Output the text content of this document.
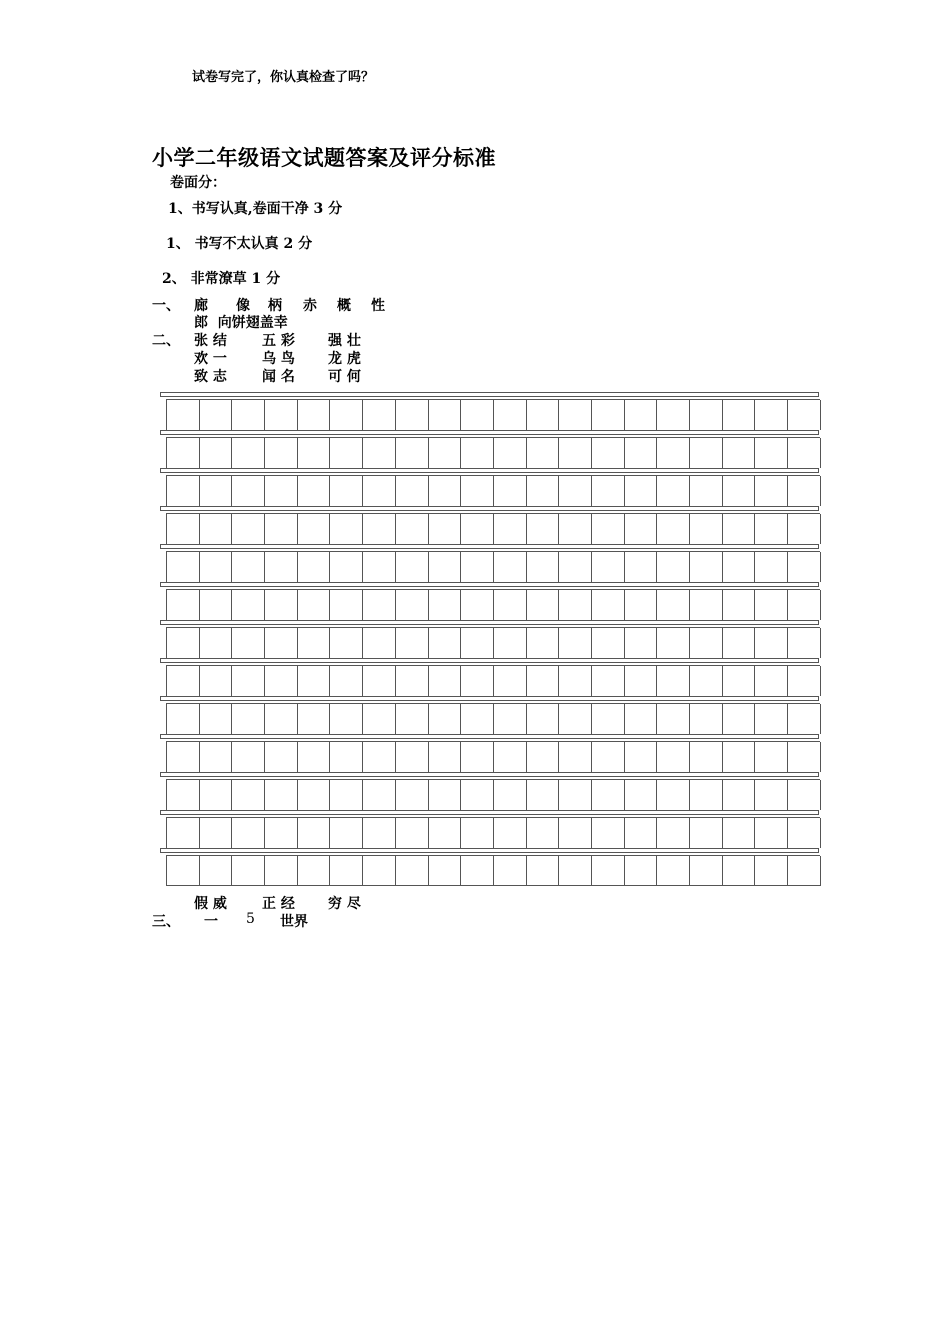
试卷写完了，你认真检查了吗？
小学二年级语文试题答案及评分标准
卷面分：
1、书写认真,卷面干净 3 分
1、 书写不太认真 2 分
2、 非常潦草 1 分
一、 廊 像 柄 赤 概 性
郎  向饼翅盖幸
二、 张 结	五 彩 强 壮
欢 一	乌 鸟 龙 虎
致 志	闻 名 可 何
假 威	正 经 穷 尽
三、 一 5 世界
